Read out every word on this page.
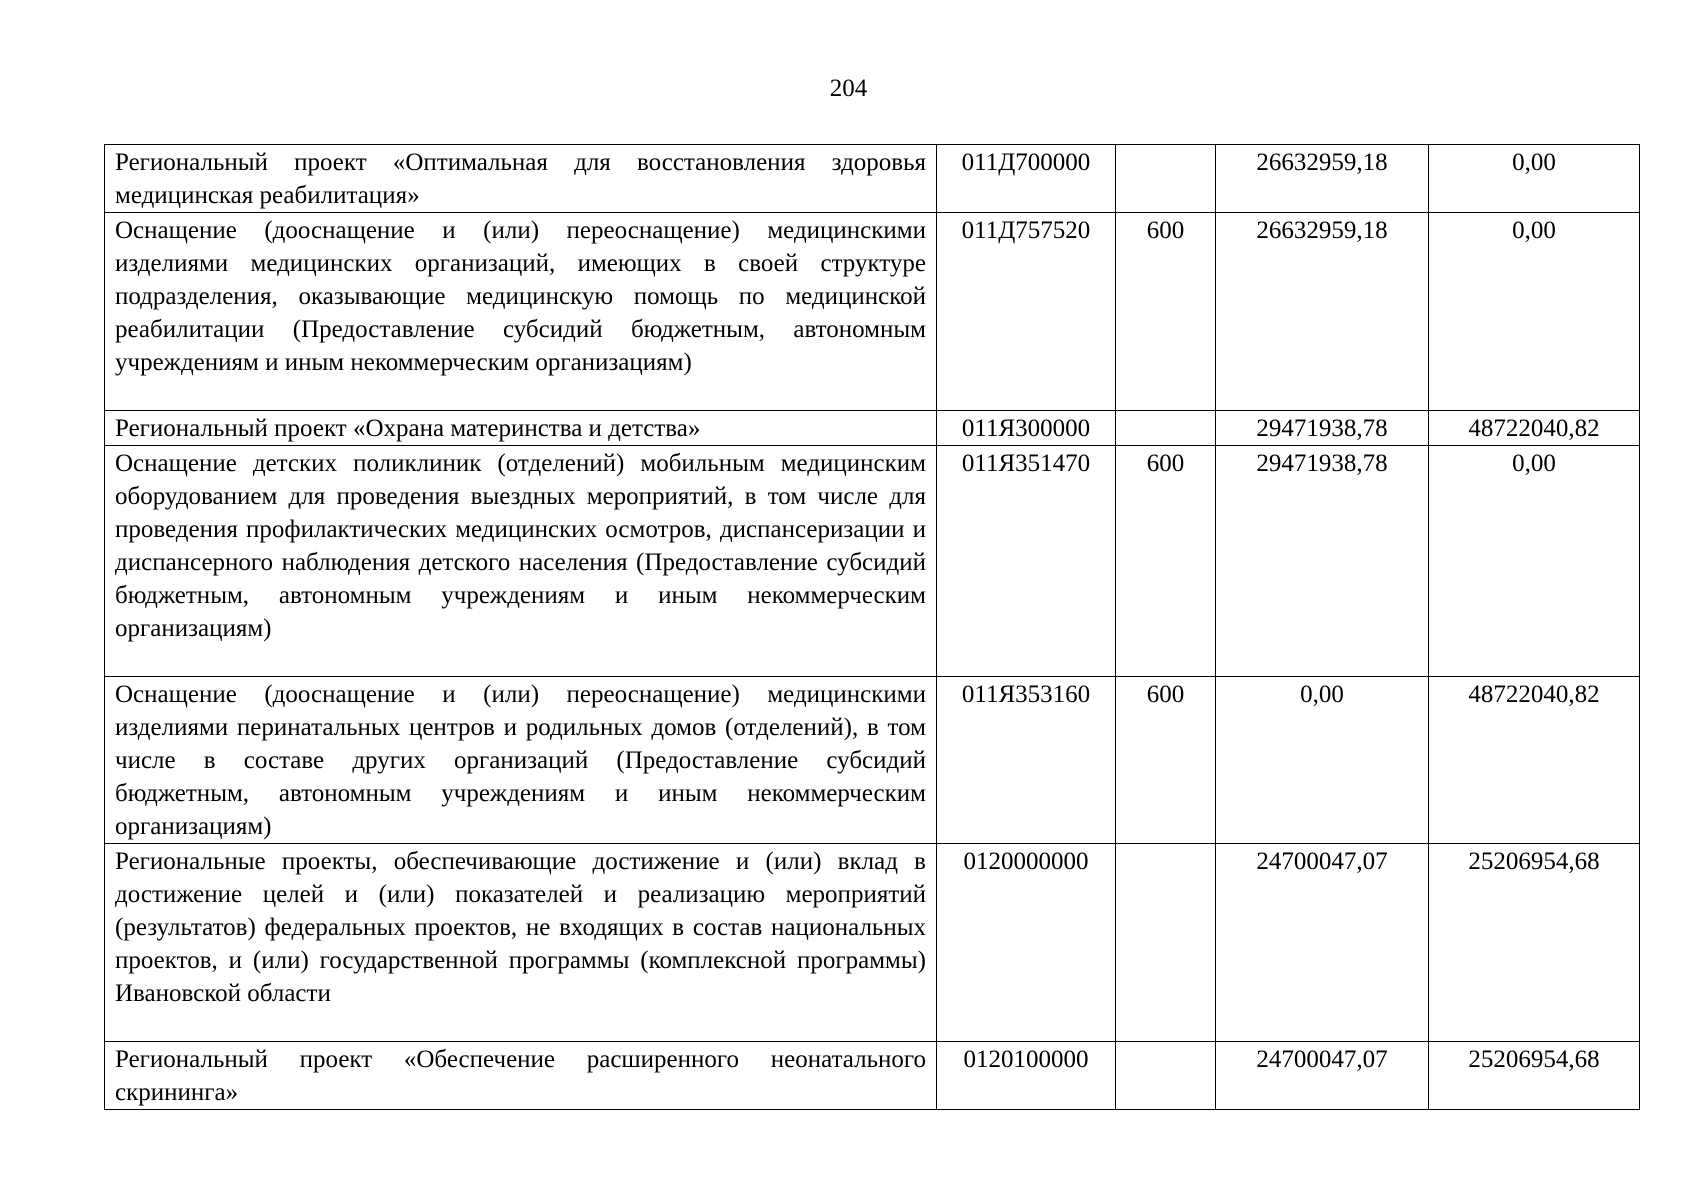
204
Региональный проект «Оптимальная для восстановления здоровья медицинская реабилитация»	011Д700000		26632959,18	0,00
Оснащение (дооснащение и (или) переоснащение) медицинскими изделиями медицинских организаций, имеющих в своей структуре подразделения, оказывающие медицинскую помощь по медицинской реабилитации (Предоставление субсидий бюджетным, автономным учреждениям и иным некоммерческим организациям)	011Д757520	600	26632959,18	0,00
Региональный проект «Охрана материнства и детства»	011Я300000		29471938,78	48722040,82
Оснащение детских поликлиник (отделений) мобильным медицинским оборудованием для проведения выездных мероприятий, в том числе для проведения профилактических медицинских осмотров, диспансеризации и диспансерного наблюдения детского населения (Предоставление субсидий бюджетным, автономным учреждениям и иным некоммерческим организациям)	011Я351470	600	29471938,78	0,00
Оснащение (дооснащение и (или) переоснащение) медицинскими изделиями перинатальных центров и родильных домов (отделений), в том числе в составе других организаций (Предоставление субсидий бюджетным, автономным учреждениям и иным некоммерческим организациям)	011Я353160	600	0,00	48722040,82
Региональные проекты, обеспечивающие достижение и (или) вклад в достижение целей и (или) показателей и реализацию мероприятий (результатов) федеральных проектов, не входящих в состав национальных проектов, и (или) государственной программы (комплексной программы) Ивановской области	0120000000		24700047,07	25206954,68
Региональный проект «Обеспечение расширенного неонатального скрининга»	0120100000		24700047,07	25206954,68
